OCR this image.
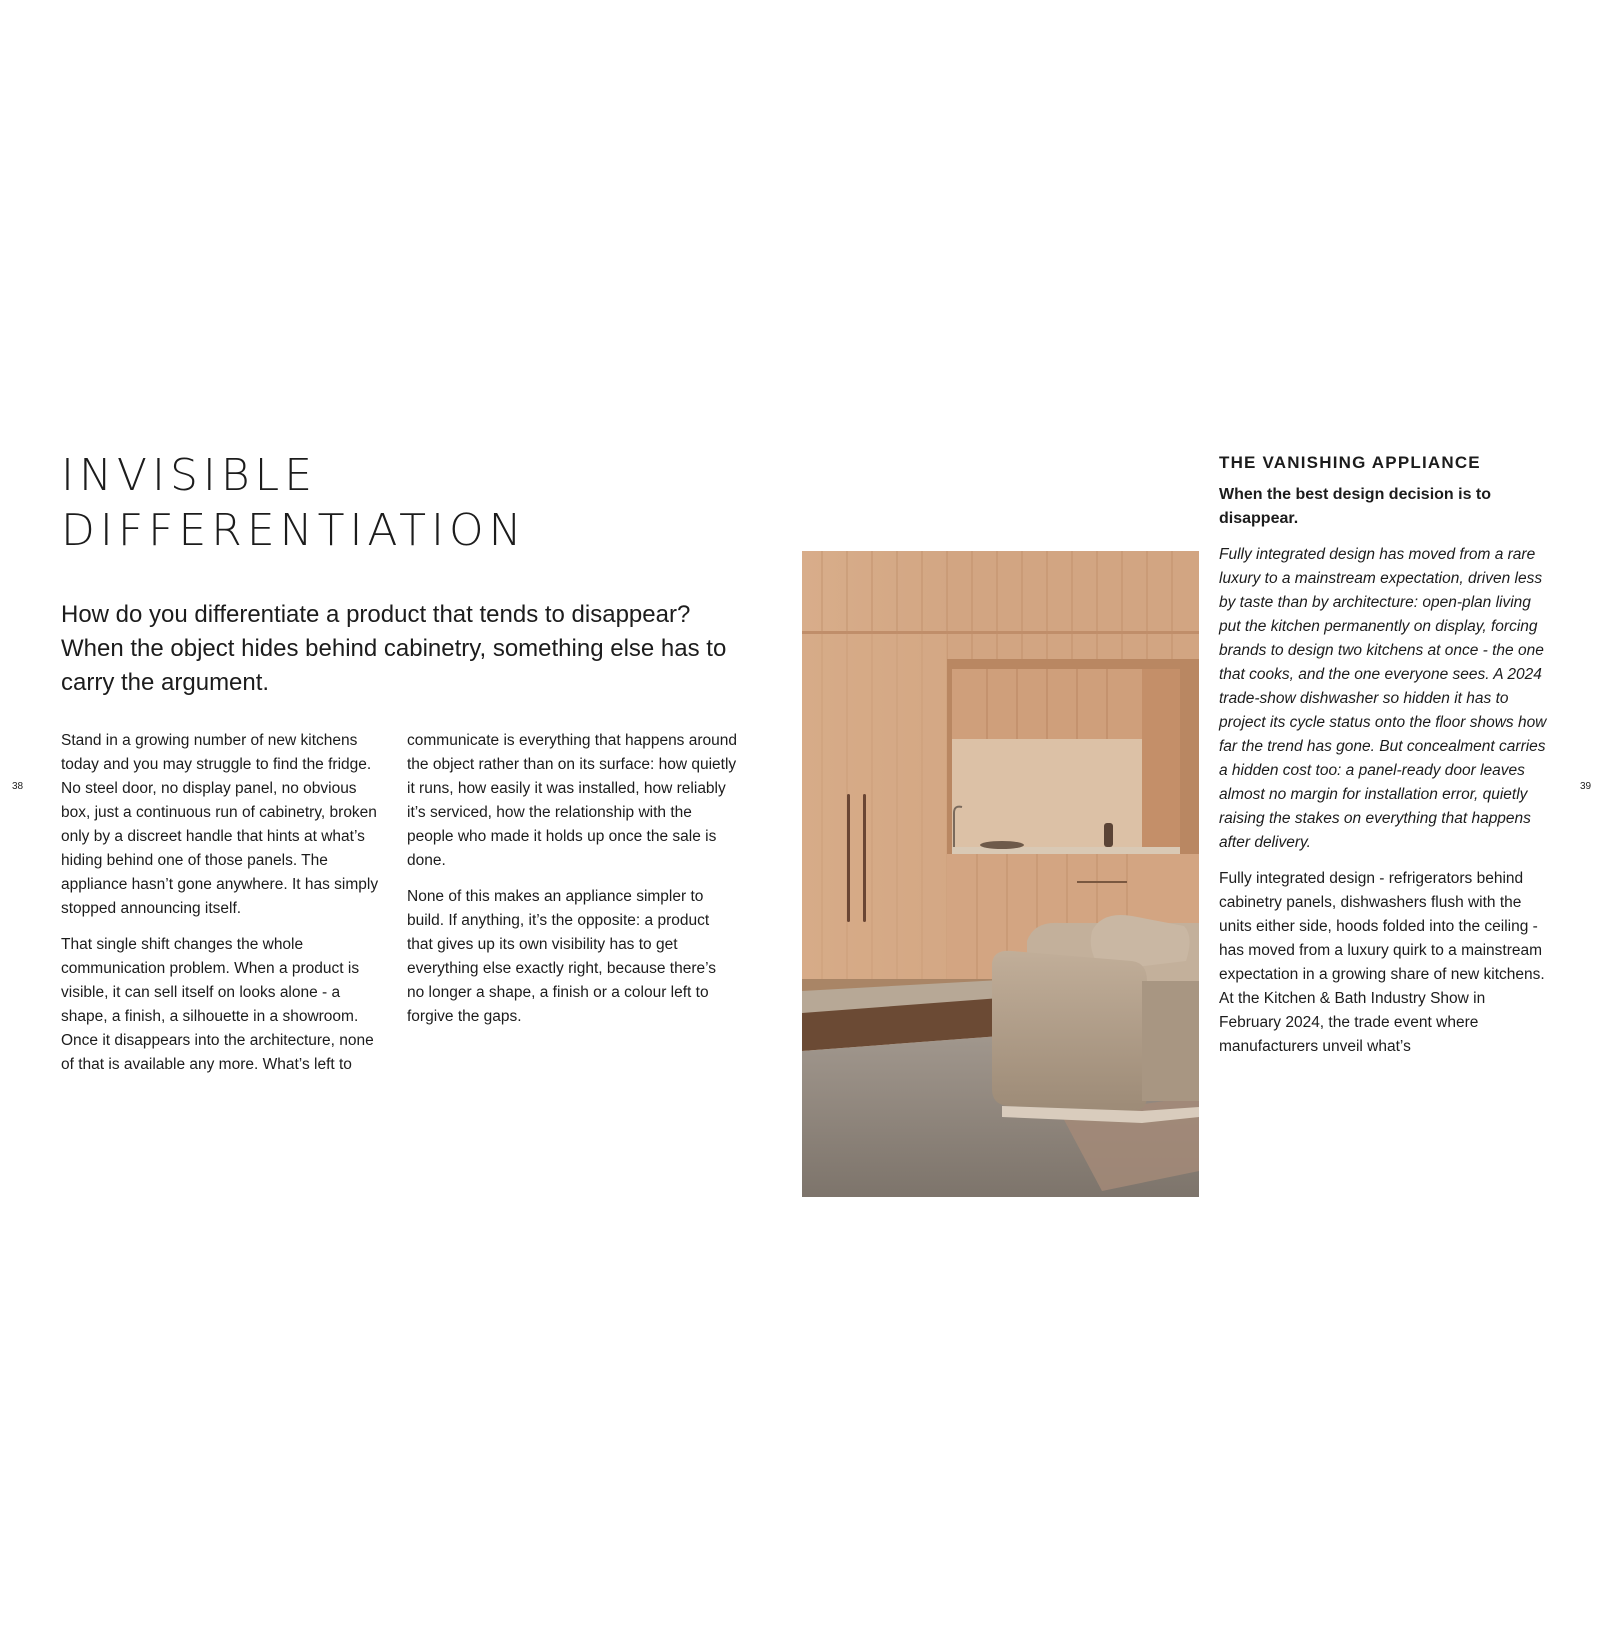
38	39
INVISIBLE
DIFFERENTIATION

How do you differentiate a product that tends to disappear? When the object hides behind cabinetry, something else has to carry the argument.

Stand in a growing number of new kitchens today and you may struggle to find the fridge. No steel door, no display panel, no obvious box, just a continuous run of cabinetry, broken only by a discreet handle that hints at what’s hiding behind one of those panels. The appliance hasn’t gone anywhere. It has simply stopped announcing itself.

That single shift changes the whole communication problem. When a product is visible, it can sell itself on looks alone - a shape, a finish, a silhouette in a showroom. Once it disappears into the architecture, none of that is available any more. What’s left to

communicate is everything that happens around the object rather than on its surface: how quietly it runs, how easily it was installed, how reliably it’s serviced, how the relationship with the people who made it holds up once the sale is done.

None of this makes an appliance simpler to build. If anything, it’s the opposite: a product that gives up its own visibility has to get everything else exactly right, because there’s no longer a shape, a finish or a colour left to forgive the gaps.

THE VANISHING APPLIANCE

When the best design decision is to disappear.

Fully integrated design has moved from a rare luxury to a mainstream expectation, driven less by taste than by architecture: open-plan living put the kitchen permanently on display, forcing brands to design two kitchens at once - the one that cooks, and the one everyone sees. A 2024 trade-show dishwasher so hidden it has to project its cycle status onto the floor shows how far the trend has gone. But concealment carries a hidden cost too: a panel-ready door leaves almost no margin for installation error, quietly raising the stakes on everything that happens after delivery.

Fully integrated design - refrigerators behind cabinetry panels, dishwashers flush with the units either side, hoods folded into the ceiling - has moved from a luxury quirk to a mainstream expectation in a growing share of new kitchens. At the Kitchen & Bath Industry Show in February 2024, the trade event where manufacturers unveil what’s
